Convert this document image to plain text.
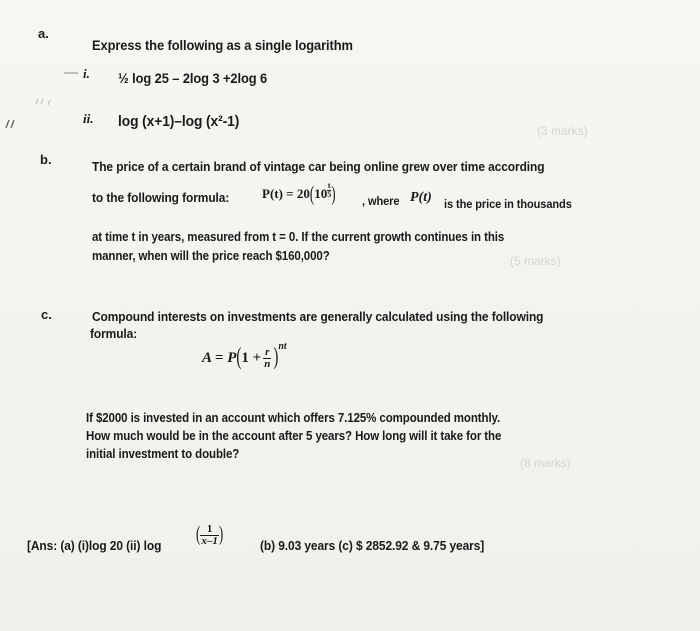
(3 marks)
(5 marks)
(8 marks)
a.
Express the following as a single logarithm
i. ½ log 25 – 2log 3 +2log 6
ii. log (x+1)–log (x²-1)
b.	The price of a certain brand of vintage car being online grew over time according
to the following formula:	P(t) = 20(10 $^{\frac{t}{5}}$ ) , where P(t) is the price in thousands
at time t in years, measured from t = 0. If the current growth continues in this
manner, when will the price reach $160,000?
c.	Compound interests on investments are generally calculated using the following
formula:
$A = P(1 + \frac{r}{n} )^{nt}$
If $2000 is invested in an account which offers 7.125% compounded monthly.
How much would be in the account after 5 years? How long will it take for the
initial investment to double?
[Ans: (a) (i)log 20 (ii) log	( $\frac{1}{x-1}$ )	(b) 9.03 years (c) $ 2852.92 & 9.75 years]
